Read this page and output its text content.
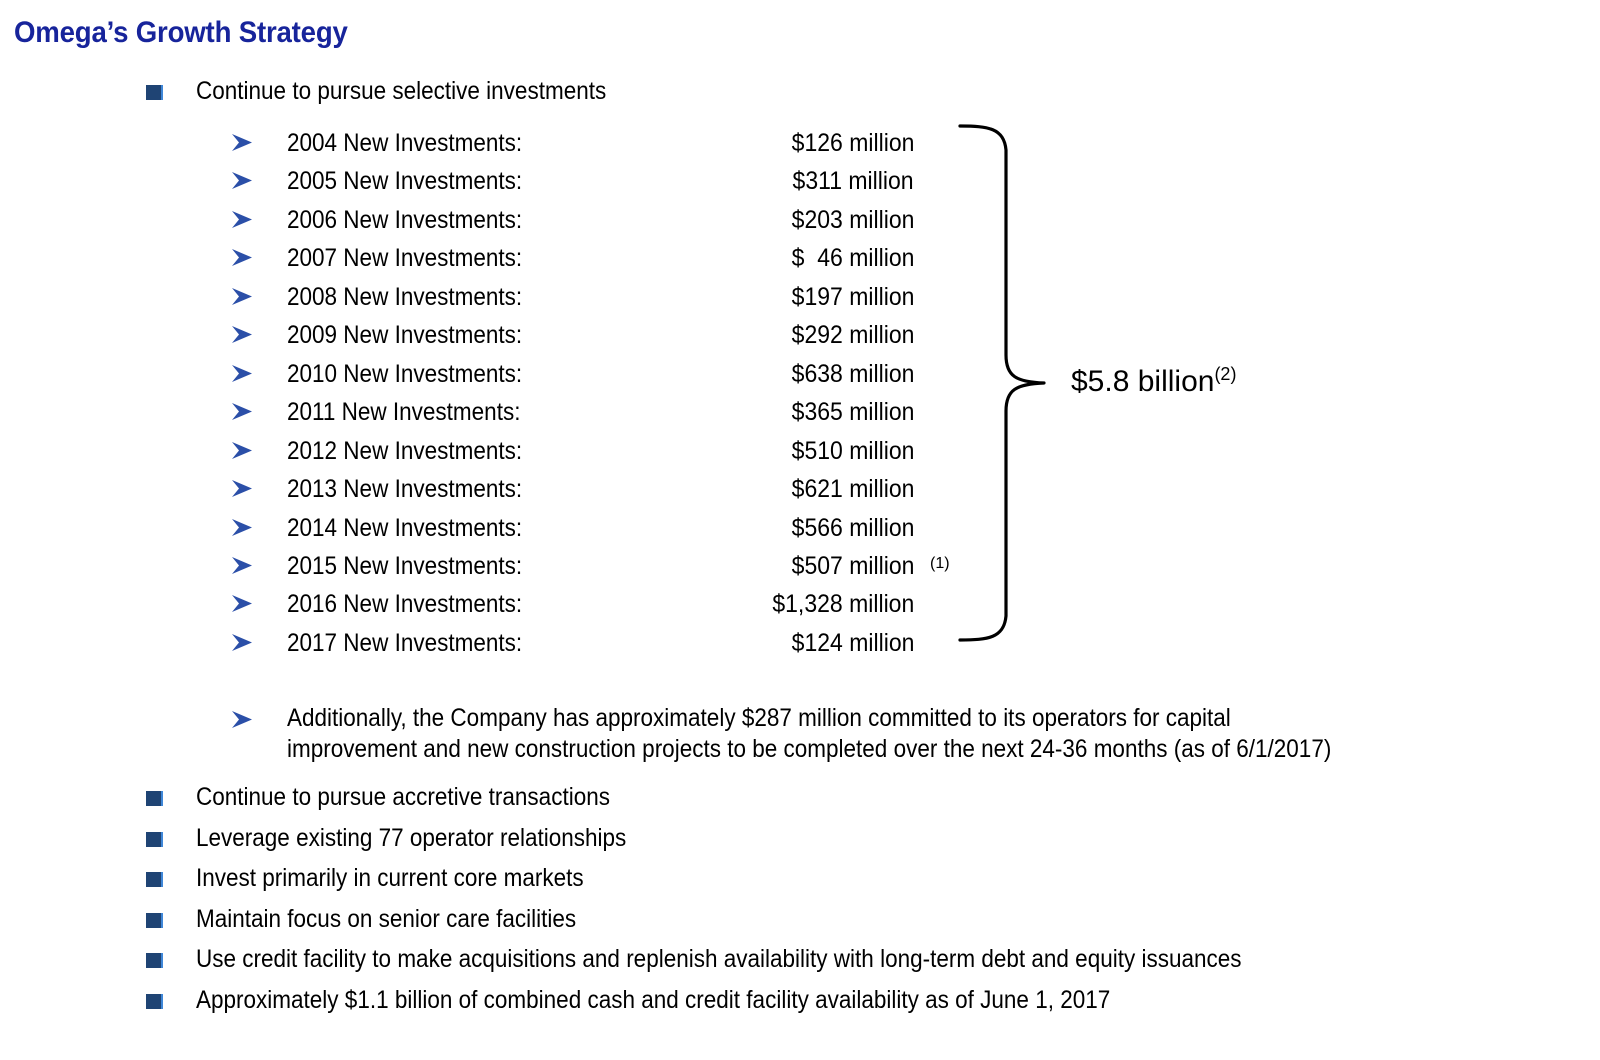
Omega’s Growth Strategy
Continue to pursue selective investments
2004 New Investments:	$126 million
2005 New Investments:	$311 million
2006 New Investments:	$203 million
2007 New Investments:	$  46 million
2008 New Investments:	$197 million
2009 New Investments:	$292 million
2010 New Investments:	$638 million
2011 New Investments:	$365 million
2012 New Investments:	$510 million
2013 New Investments:	$621 million
2014 New Investments:	$566 million
2015 New Investments:	$507 million (1)
2016 New Investments:	$1,328 million
2017 New Investments:	$124 million
$5.8 billion$^{(2)}$
Additionally, the Company has approximately $287 million committed to its operators for capital
improvement and new construction projects to be completed over the next 24-36 months (as of 6/1/2017)
Continue to pursue accretive transactions
Leverage existing 77 operator relationships
Invest primarily in current core markets
Maintain focus on senior care facilities
Use credit facility to make acquisitions and replenish availability with long-term debt and equity issuances
Approximately $1.1 billion of combined cash and credit facility availability as of June 1, 2017
